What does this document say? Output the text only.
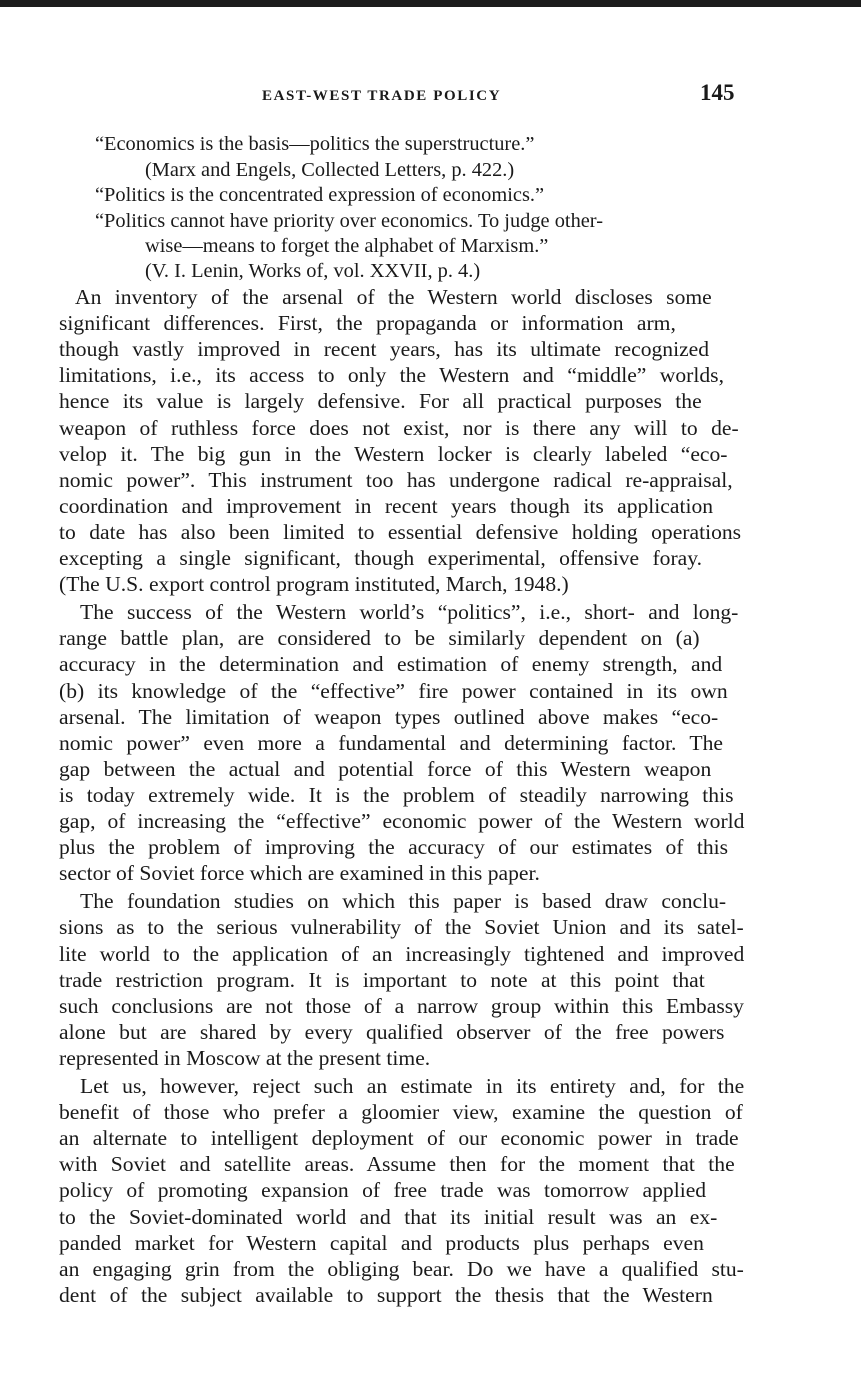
EAST-WEST TRADE POLICY	145
“Economics is the basis—politics the superstructure.”
(Marx and Engels, Collected Letters, p. 422.)
“Politics is the concentrated expression of economics.”
“Politics cannot have priority over economics. To judge other-
wise—means to forget the alphabet of Marxism.”
(V. I. Lenin, Works of, vol. XXVII, p. 4.)
An inventory of the arsenal of the Western world discloses some
significant differences. First, the propaganda or information arm,
though vastly improved in recent years, has its ultimate recognized
limitations, i.e., its access to only the Western and “middle” worlds,
hence its value is largely defensive. For all practical purposes the
weapon of ruthless force does not exist, nor is there any will to de-
velop it. The big gun in the Western locker is clearly labeled “eco-
nomic power”. This instrument too has undergone radical re-appraisal,
coordination and improvement in recent years though its application
to date has also been limited to essential defensive holding operations
excepting a single significant, though experimental, offensive foray.
(The U.S. export control program instituted, March, 1948.)
The success of the Western world’s “politics”, i.e., short- and long-
range battle plan, are considered to be similarly dependent on (a)
accuracy in the determination and estimation of enemy strength, and
(b) its knowledge of the “effective” fire power contained in its own
arsenal. The limitation of weapon types outlined above makes “eco-
nomic power” even more a fundamental and determining factor. The
gap between the actual and potential force of this Western weapon
is today extremely wide. It is the problem of steadily narrowing this
gap, of increasing the “effective” economic power of the Western world
plus the problem of improving the accuracy of our estimates of this
sector of Soviet force which are examined in this paper.
The foundation studies on which this paper is based draw conclu-
sions as to the serious vulnerability of the Soviet Union and its satel-
lite world to the application of an increasingly tightened and improved
trade restriction program. It is important to note at this point that
such conclusions are not those of a narrow group within this Embassy
alone but are shared by every qualified observer of the free powers
represented in Moscow at the present time.
Let us, however, reject such an estimate in its entirety and, for the
benefit of those who prefer a gloomier view, examine the question of
an alternate to intelligent deployment of our economic power in trade
with Soviet and satellite areas. Assume then for the moment that the
policy of promoting expansion of free trade was tomorrow applied
to the Soviet-dominated world and that its initial result was an ex-
panded market for Western capital and products plus perhaps even
an engaging grin from the obliging bear. Do we have a qualified stu-
dent of the subject available to support the thesis that the Western
